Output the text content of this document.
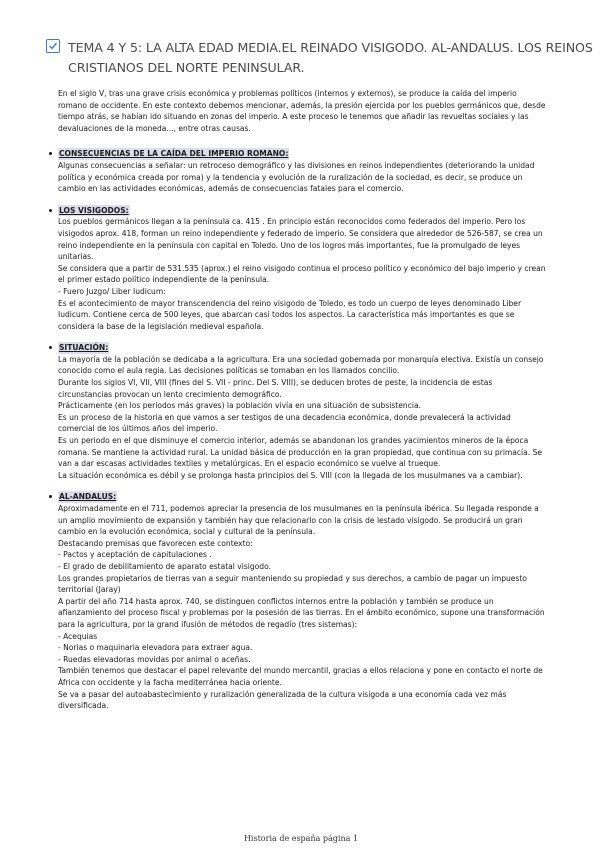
TEMA 4 Y 5: LA ALTA EDAD MEDIA.EL REINADO VISIGODO. AL-ANDALUS. LOS REINOS CRISTIANOS DEL NORTE PENINSULAR.

En el siglo V, tras una grave crisis económica y problemas políticos (internos y externos), se produce la caída del imperio romano de occidente. En este contexto debemos mencionar, además, la presión ejercida por los pueblos germánicos que, desde tiempo atrás, se habían ido situando en zonas del imperio. A este proceso le tenemos que añadir las revueltas sociales y las devaluaciones de la moneda..., entre otras causas.

CONSECUENCIAS DE LA CAÍDA DEL IMPERIO ROMANO:

Algunas consecuencias a señalar: un retroceso demográfico y las divisiones en reinos independientes (deteriorando la unidad política y económica creada por roma) y la tendencia y evolución de la ruralización de la sociedad, es decir, se produce un cambio en las actividades económicas, además de consecuencias fatales para el comercio.

LOS VISIGODOS:

Los pueblos germánicos llegan a la península ca. 415 . En principio están reconocidos como federados del imperio. Pero los visigodos aprox. 418, forman un reino independiente y federado de imperio. Se considera que alrededor de 526-587, se crea un reino independiente en la península con capital en Toledo. Uno de los logros más importantes, fue la promulgado de leyes unitarias.

Se considera que a partir de 531.535 (aprox.) el reino visigodo continua el proceso político y económico del bajo imperio y crean el primer estado político independiente de la península.

- Fuero Juzgo/ Liber Iudicum:

Es el acontecimiento de mayor transcendencia del reino visigodo de Toledo, es todo un cuerpo de leyes denominado Liber Iudicum. Contiene cerca de 500 leyes, que abarcan casi todos los aspectos. La característica más importantes es que se considera la base de la legislación medieval española.

SITUACIÓN:

La mayoría de la población se dedicaba a la agricultura. Era una sociedad gobernada por monarquía electiva. Existía un consejo conocido como el aula regia. Las decisiones políticas se tomaban en los llamados concilio.

Durante los siglos VI, VII, VIII (fines del S. VII - princ. Del S. VIII), se deducen brotes de peste, la incidencia de estas circunstancias provocan un lento crecimiento demográfico.

Prácticamente (en los periodos más graves) la población vivía en una situación de subsistencia.

Es un proceso de la historia en que vamos a ser testigos de una decadencia económica, donde prevalecerá la actividad comercial de los últimos años del imperio.

Es un periodo en el que disminuye el comercio interior, además se abandonan los grandes yacimientos mineros de la época romana. Se mantiene la actividad rural. La unidad básica de producción en la gran propiedad, que continua con su primacía. Se van a dar escasas actividades textiles y metalúrgicas. En el espacio económico se vuelve al trueque.

La situación económica es débil y se prolonga hasta principios del S. VIII (con la llegada de los musulmanes va a cambiar).

AL-ANDALUS:

Aproximadamente en el 711, podemos apreciar la presencia de los musulmanes en la península ibérica. Su llegada responde a un amplio movimiento de expansión y también hay que relacionarlo con la crisis de lestado visigodo. Se producirá un gran cambio en la evolución económica, social y cultural de la península.

Destacando premisas que favorecen este contexto:

- Pactos y aceptación de capitulaciones .

- El grado de debilitamiento de aparato estatal visigodo.

Los grandes propietarios de tierras van a seguir manteniendo su propiedad y sus derechos, a cambio de pagar un impuesto territorial (Jaray)

A partir del año 714 hasta aprox. 740, se distinguen conflictos internos entre la población y también se produce un afianzamiento del proceso fiscal y problemas por la posesión de las tierras. En el ámbito económico, supone una transformación para la agricultura, por la grand ifusión de métodos de regadío (tres sistemas):

- Acequias

- Norias o maquinaria elevadora para extraer agua.

- Ruedas elevadoras movidas por animal o aceñas.

También tenemos que destacar el papel relevante del mundo mercantil, gracias a ellos relaciona y pone en contacto el norte de África con occidente y la facha mediterránea hacia oriente.

Se va a pasar del autoabastecimiento y ruralización generalizada de la cultura visigoda a una economía cada vez más diversificada.

Historia de españa página 1
